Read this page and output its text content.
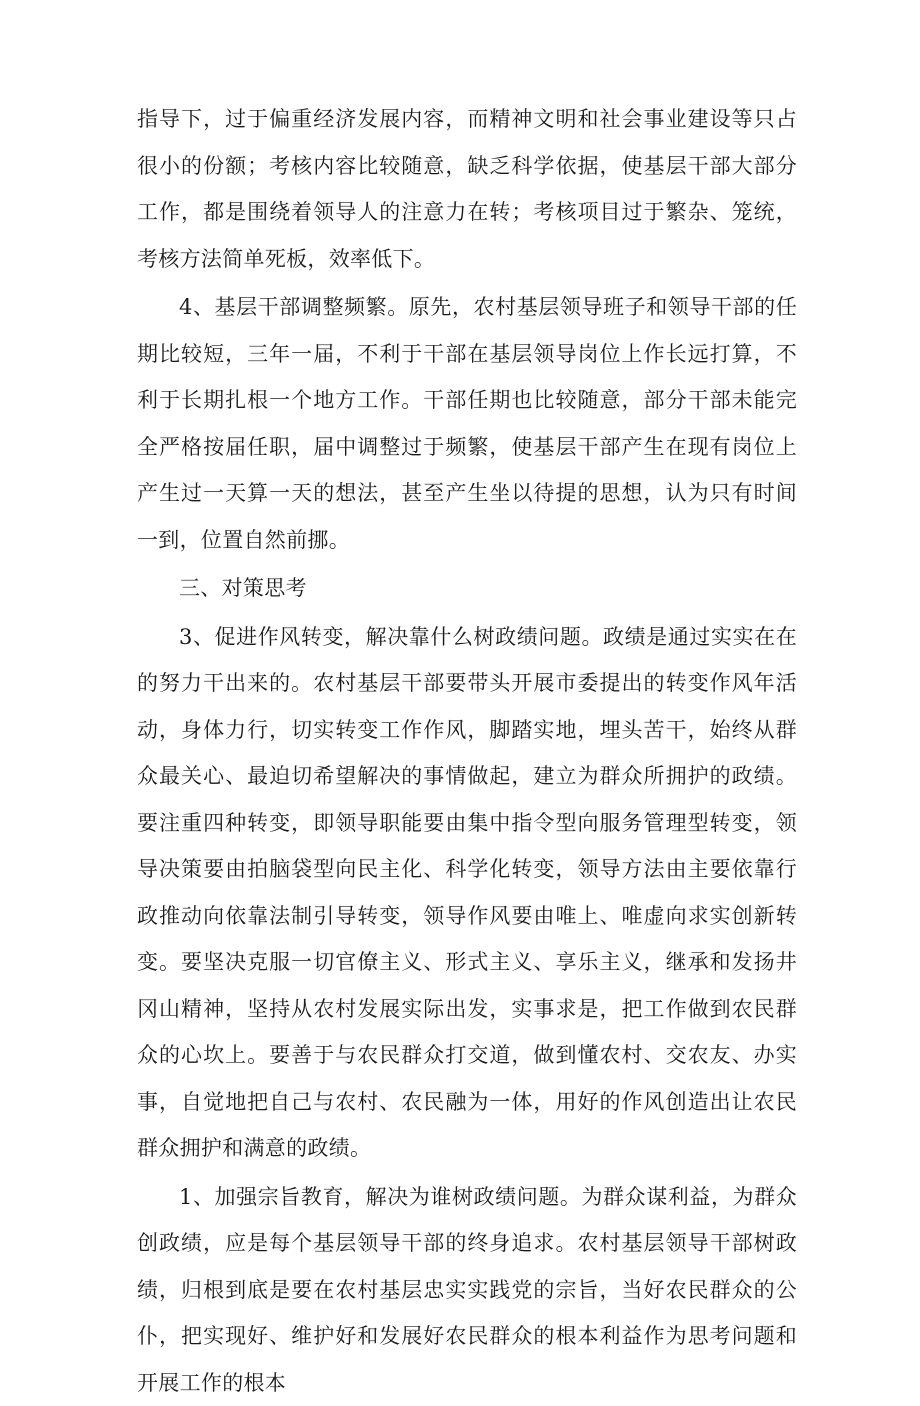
指导下，过于偏重经济发展内容，而精神文明和社会事业建设等只占很小的份额；考核内容比较随意，缺乏科学依据，使基层干部大部分工作，都是围绕着领导人的注意力在转；考核项目过于繁杂、笼统，考核方法简单死板，效率低下。

4、基层干部调整频繁。原先，农村基层领导班子和领导干部的任期比较短，三年一届，不利于干部在基层领导岗位上作长远打算，不利于长期扎根一个地方工作。干部任期也比较随意，部分干部未能完全严格按届任职，届中调整过于频繁，使基层干部产生在现有岗位上产生过一天算一天的想法，甚至产生坐以待提的思想，认为只有时间一到，位置自然前挪。

三、对策思考

3、促进作风转变，解决靠什么树政绩问题。政绩是通过实实在在的努力干出来的。农村基层干部要带头开展市委提出的转变作风年活动，身体力行，切实转变工作作风，脚踏实地，埋头苦干，始终从群众最关心、最迫切希望解决的事情做起，建立为群众所拥护的政绩。要注重四种转变，即领导职能要由集中指令型向服务管理型转变，领导决策要由拍脑袋型向民主化、科学化转变，领导方法由主要依靠行政推动向依靠法制引导转变，领导作风要由唯上、唯虚向求实创新转变。要坚决克服一切官僚主义、形式主义、享乐主义，继承和发扬井冈山精神，坚持从农村发展实际出发，实事求是，把工作做到农民群众的心坎上。要善于与农民群众打交道，做到懂农村、交农友、办实事，自觉地把自己与农村、农民融为一体，用好的作风创造出让农民群众拥护和满意的政绩。

1、加强宗旨教育，解决为谁树政绩问题。为群众谋利益，为群众创政绩，应是每个基层领导干部的终身追求。农村基层领导干部树政绩，归根到底是要在农村基层忠实实践党的宗旨，当好农民群众的公仆，把实现好、维护好和发展好农民群众的根本利益作为思考问题和开展工作的根本
